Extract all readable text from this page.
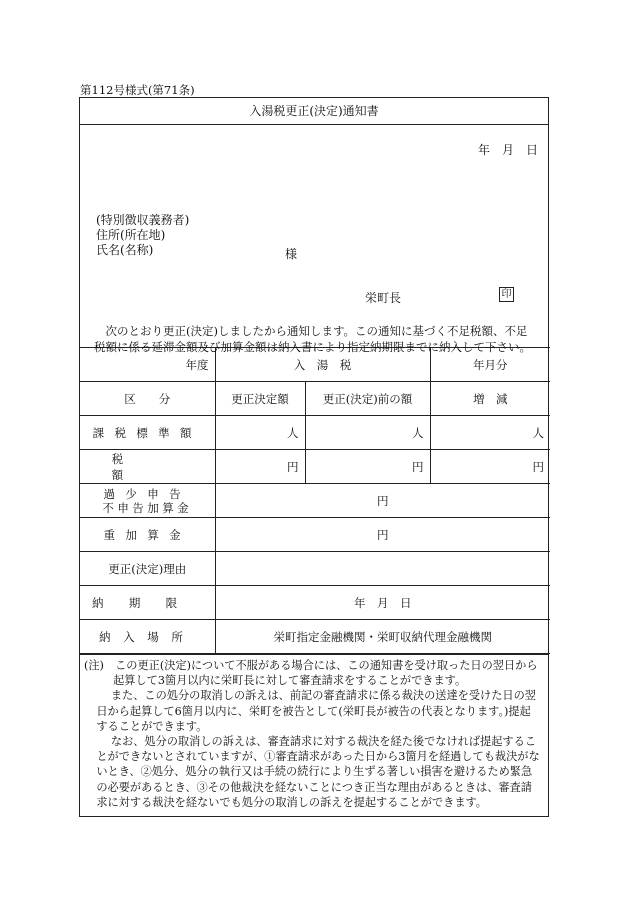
第112号様式(第71条)
入湯税更正(決定)通知書
年　月　日
(特別徴収義務者)
住所(所在地)
氏名(名称)	様
栄町長	印
次のとおり更正(決定)しましたから通知します。この通知に基づく不足税額、不足税額に係る延滞金額及び加算金額は納入書により指定納期限までに納入して下さい。
年度	入　湯　税		年月分
区　　分	更正決定額	更正(決定)前の額	増　減
課税標準額	人	人	人
税額	円	円	円

過少申告
不申告加算金	円		
重加算金	円		
更正(決定)理由			
納期限	年　月　日		
納入場所	栄町指定金融機関・栄町収納代理金融機関		

(注)　この更正(決定)について不服がある場合には、この通知書を受け取った日の翌日から起算して3箇月以内に栄町長に対して審査請求をすることができます。

また、この処分の取消しの訴えは、前記の審査請求に係る裁決の送達を受けた日の翌日から起算して6箇月以内に、栄町を被告として(栄町長が被告の代表となります。)提起することができます。

なお、処分の取消しの訴えは、審査請求に対する裁決を経た後でなければ提起することができないとされていますが、①審査請求があった日から3箇月を経過しても裁決がないとき、②処分、処分の執行又は手続の続行により生ずる著しい損害を避けるため緊急の必要があるとき、③その他裁決を経ないことにつき正当な理由があるときは、審査請求に対する裁決を経ないでも処分の取消しの訴えを提起することができます。
